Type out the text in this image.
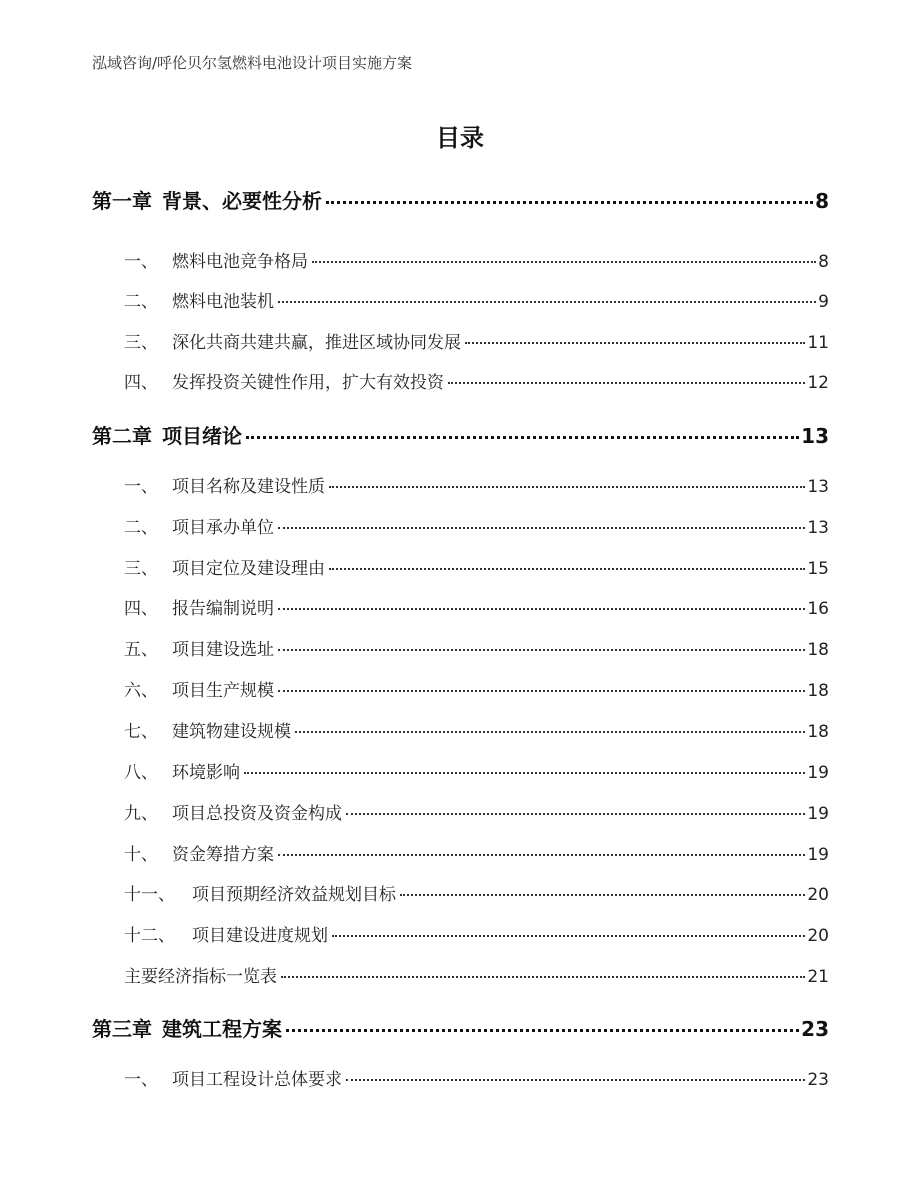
泓域咨询/呼伦贝尔氢燃料电池设计项目实施方案
目录
第一章 背景、必要性分析	8
一、 燃料电池竞争格局	8
二、 燃料电池装机	9
三、 深化共商共建共赢，推进区域协同发展	11
四、 发挥投资关键性作用，扩大有效投资	12
第二章 项目绪论	13
一、 项目名称及建设性质	13
二、 项目承办单位	13
三、 项目定位及建设理由	15
四、 报告编制说明	16
五、 项目建设选址	18
六、 项目生产规模	18
七、 建筑物建设规模	18
八、 环境影响	19
九、 项目总投资及资金构成	19
十、 资金筹措方案	19
十一、 项目预期经济效益规划目标	20
十二、 项目建设进度规划	20
主要经济指标一览表	21
第三章 建筑工程方案	23
一、 项目工程设计总体要求	23
